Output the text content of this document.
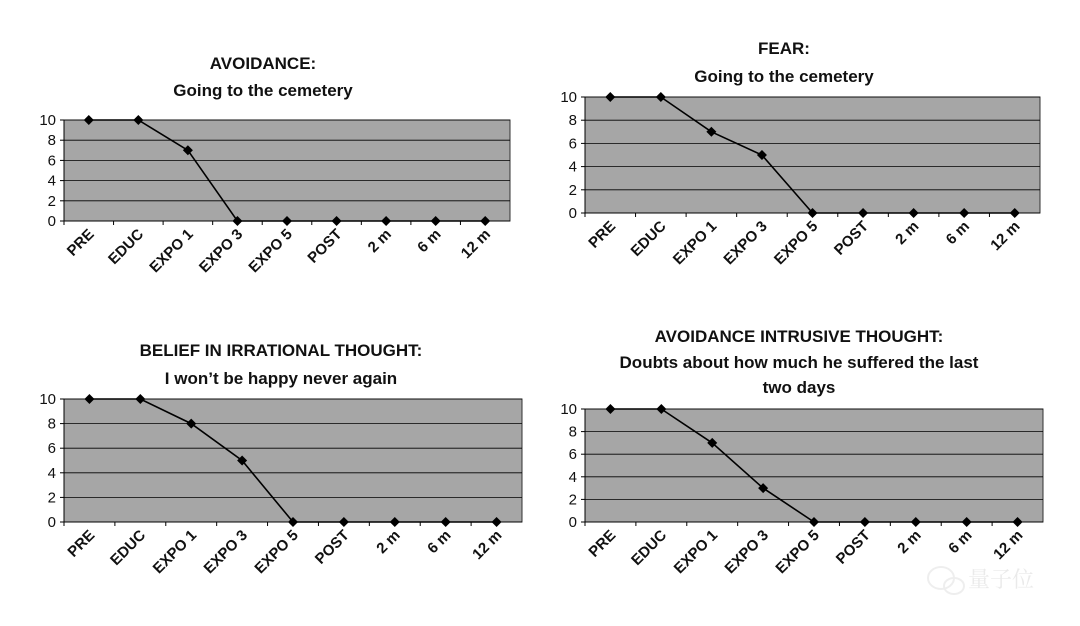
AVOIDANCE:
Going to the cemetery
0
2
4
6
8
10
PRE EDUC EXPO 1 EXPO 3 EXPO 5 POST 2 m 6 m 12 m
FEAR:
Going to the cemetery
0
2
4
6
8
10
PRE EDUC EXPO 1 EXPO 3 EXPO 5 POST 2 m 6 m 12 m
BELIEF IN IRRATIONAL THOUGHT:
I won’t be happy never again
0
2
4
6
8
10
PRE EDUC EXPO 1 EXPO 3 EXPO 5 POST 2 m 6 m 12 m
AVOIDANCE INTRUSIVE THOUGHT:
Doubts about how much he suffered the last
two days
0
2
4
6
8
10
PRE EDUC EXPO 1 EXPO 3 EXPO 5 POST 2 m 6 m 12 m
量子位
